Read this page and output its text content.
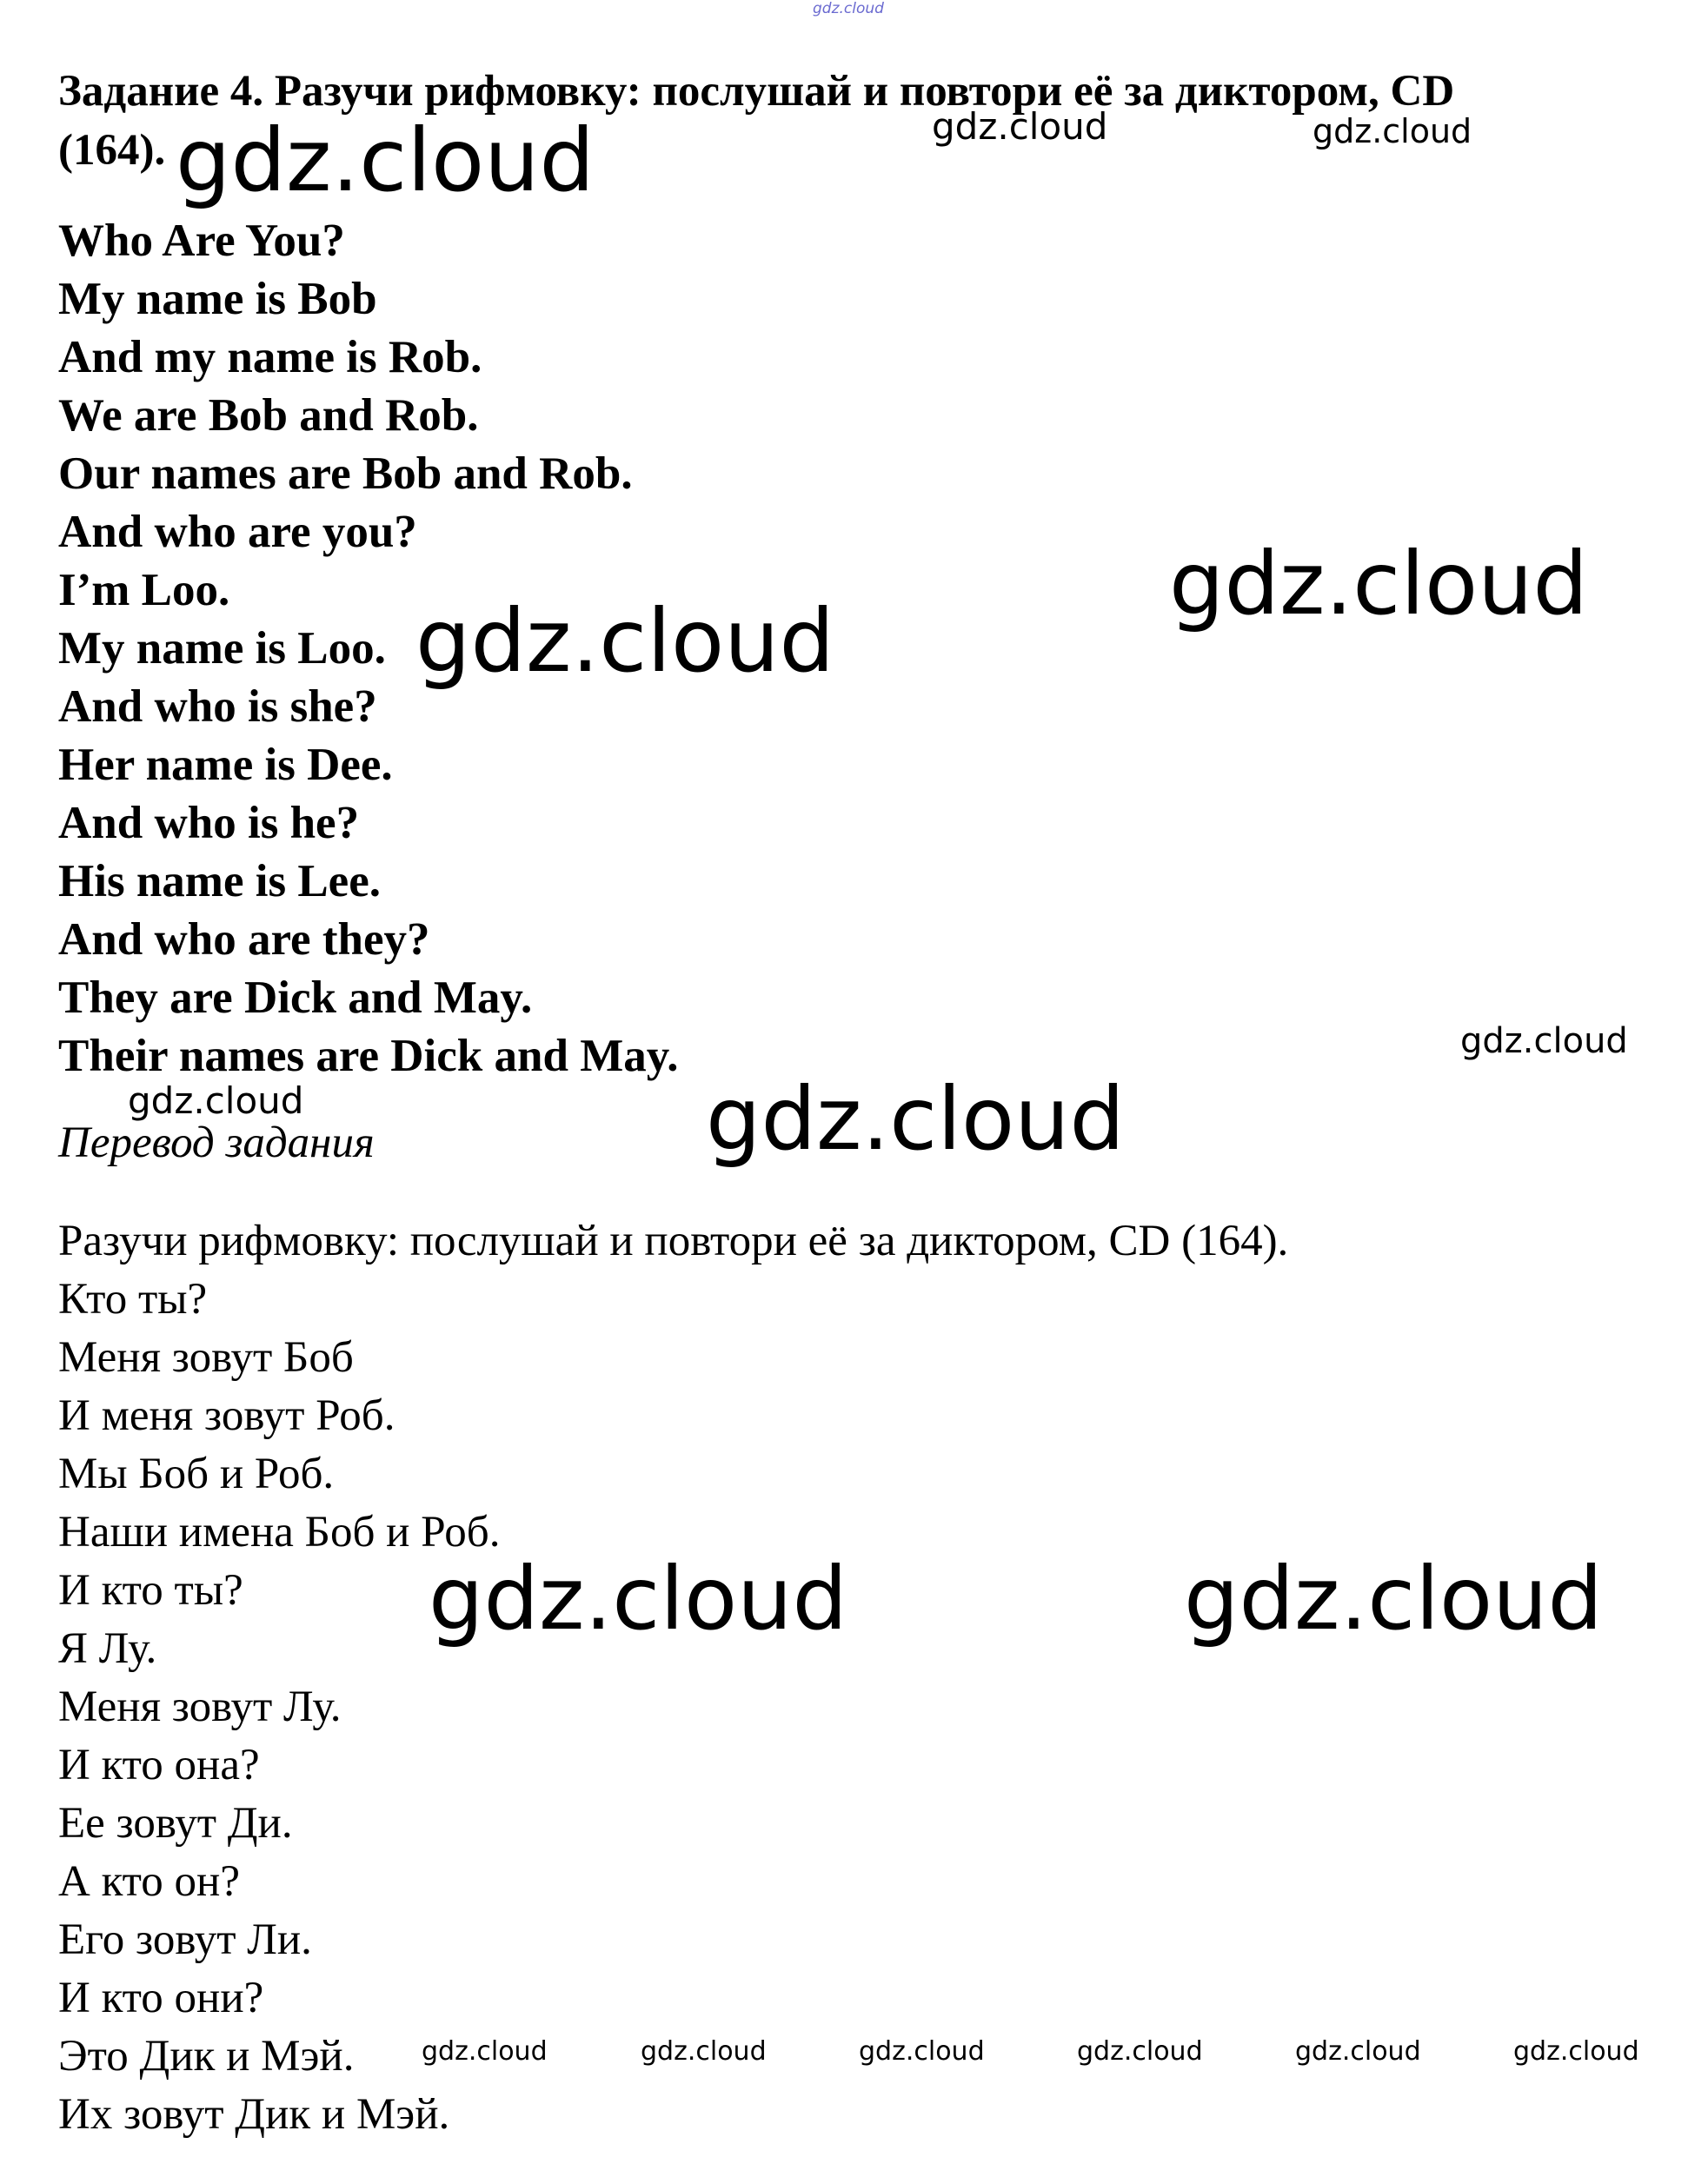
gdz.cloud
Задание 4. Разучи рифмовку: послушай и повтори её за диктором, CD
(164).
Who Are You?
My name is Bob
And my name is Rob.
We are Bob and Rob.
Our names are Bob and Rob.
And who are you?
I’m Loo.
My name is Loo.
And who is she?
Her name is Dee.
And who is he?
His name is Lee.
And who are they?
They are Dick and May.
Their names are Dick and May.
Перевод задания
Разучи рифмовку: послушай и повтори её за диктором, CD (164).
Кто ты?
Меня зовут Боб
И меня зовут Роб.
Мы Боб и Роб.
Наши имена Боб и Роб.
И кто ты?
Я Лу.
Меня зовут Лу.
И кто она?
Ее зовут Ди.
А кто он?
Его зовут Ли.
И кто они?
Это Дик и Мэй.
Их зовут Дик и Мэй.
gdz.cloud	gdz.cloud	gdz.cloud
gdz.cloud
gdz.cloud
gdz.cloud
gdz.cloud	gdz.cloud
gdz.cloud	gdz.cloud
gdz.cloud	gdz.cloud	gdz.cloud	gdz.cloud	gdz.cloud	gdz.cloud
